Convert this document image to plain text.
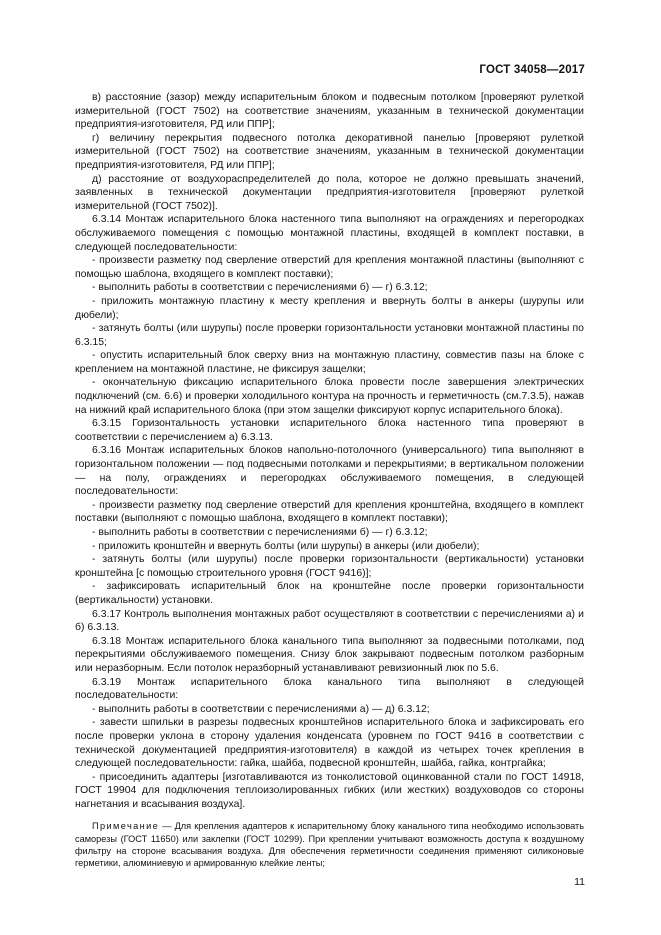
ГОСТ 34058—2017

в) расстояние (зазор) между испарительным блоком и подвесным потолком [проверяют рулеткой измерительной (ГОСТ 7502) на соответствие значениям, указанным в технической документации предприятия-изготовителя, РД или ППР];

г) величину перекрытия подвесного потолка декоративной панелью [проверяют рулеткой измерительной (ГОСТ 7502) на соответствие значениям, указанным в технической документации предприятия-изготовителя, РД или ППР];

д) расстояние от воздухораспределителей до пола, которое не должно превышать значений, заявленных в технической документации предприятия-изготовителя [проверяют рулеткой измерительной (ГОСТ 7502)].

6.3.14 Монтаж испарительного блока настенного типа выполняют на ограждениях и перегородках обслуживаемого помещения с помощью монтажной пластины, входящей в комплект поставки, в следующей последовательности:

- произвести разметку под сверление отверстий для крепления монтажной пластины (выполняют с помощью шаблона, входящего в комплект поставки);

- выполнить работы в соответствии с перечислениями б) — г) 6.3.12;

- приложить монтажную пластину к месту крепления и ввернуть болты в анкеры (шурупы или дюбели);

- затянуть болты (или шурупы) после проверки горизонтальности установки монтажной пластины по 6.3.15;

- опустить испарительный блок сверху вниз на монтажную пластину, совместив пазы на блоке с креплением на монтажной пластине, не фиксируя защелки;

- окончательную фиксацию испарительного блока провести после завершения электрических подключений (см. 6.6) и проверки холодильного контура на прочность и герметичность (см.7.3.5), нажав на нижний край испарительного блока (при этом защелки фиксируют корпус испарительного блока).

6.3.15 Горизонтальность установки испарительного блока настенного типа проверяют в соответствии с перечислением а) 6.3.13.

6.3.16 Монтаж испарительных блоков напольно-потолочного (универсального) типа выполняют в горизонтальном положении — под подвесными потолками и перекрытиями; в вертикальном положении — на полу, ограждениях и перегородках обслуживаемого помещения, в следующей последовательности:

- произвести разметку под сверление отверстий для крепления кронштейна, входящего в комплект поставки (выполняют с помощью шаблона, входящего в комплект поставки);

- выполнить работы в соответствии с перечислениями б) — г) 6.3.12;

- приложить кронштейн и ввернуть болты (или шурупы) в анкеры (или дюбели);

- затянуть болты (или шурупы) после проверки горизонтальности (вертикальности) установки кронштейна [с помощью строительного уровня (ГОСТ 9416)];

- зафиксировать испарительный блок на кронштейне после проверки горизонтальности (вертикальности) установки.

6.3.17 Контроль выполнения монтажных работ осуществляют в соответствии с перечислениями а) и б) 6.3.13.

6.3.18 Монтаж испарительного блока канального типа выполняют за подвесными потолками, под перекрытиями обслуживаемого помещения. Снизу блок закрывают подвесным потолком разборным или неразборным. Если потолок неразборный устанавливают ревизионный люк по 5.6.

6.3.19 Монтаж испарительного блока канального типа выполняют в следующей последовательности:

- выполнить работы в соответствии с перечислениями а) — д) 6.3.12;

- завести шпильки в разрезы подвесных кронштейнов испарительного блока и зафиксировать его после проверки уклона в сторону удаления конденсата (уровнем по ГОСТ 9416 в соответствии с технической документацией предприятия-изготовителя) в каждой из четырех точек крепления в следующей последовательности: гайка, шайба, подвесной кронштейн, шайба, гайка, контргайка;

- присоединить адаптеры [изготавливаются из тонколистовой оцинкованной стали по ГОСТ 14918, ГОСТ 19904 для подключения теплоизолированных гибких (или жестких) воздуховодов со стороны нагнетания и всасывания воздуха].

Примечание — Для крепления адаптеров к испарительному блоку канального типа необходимо использовать саморезы (ГОСТ 11650) или заклепки (ГОСТ 10299). При креплении учитывают возможность доступа к воздушному фильтру на стороне всасывания воздуха. Для обеспечения герметичности соединения применяют силиконовые герметики, алюминиевую и армированную клейкие ленты;

11
